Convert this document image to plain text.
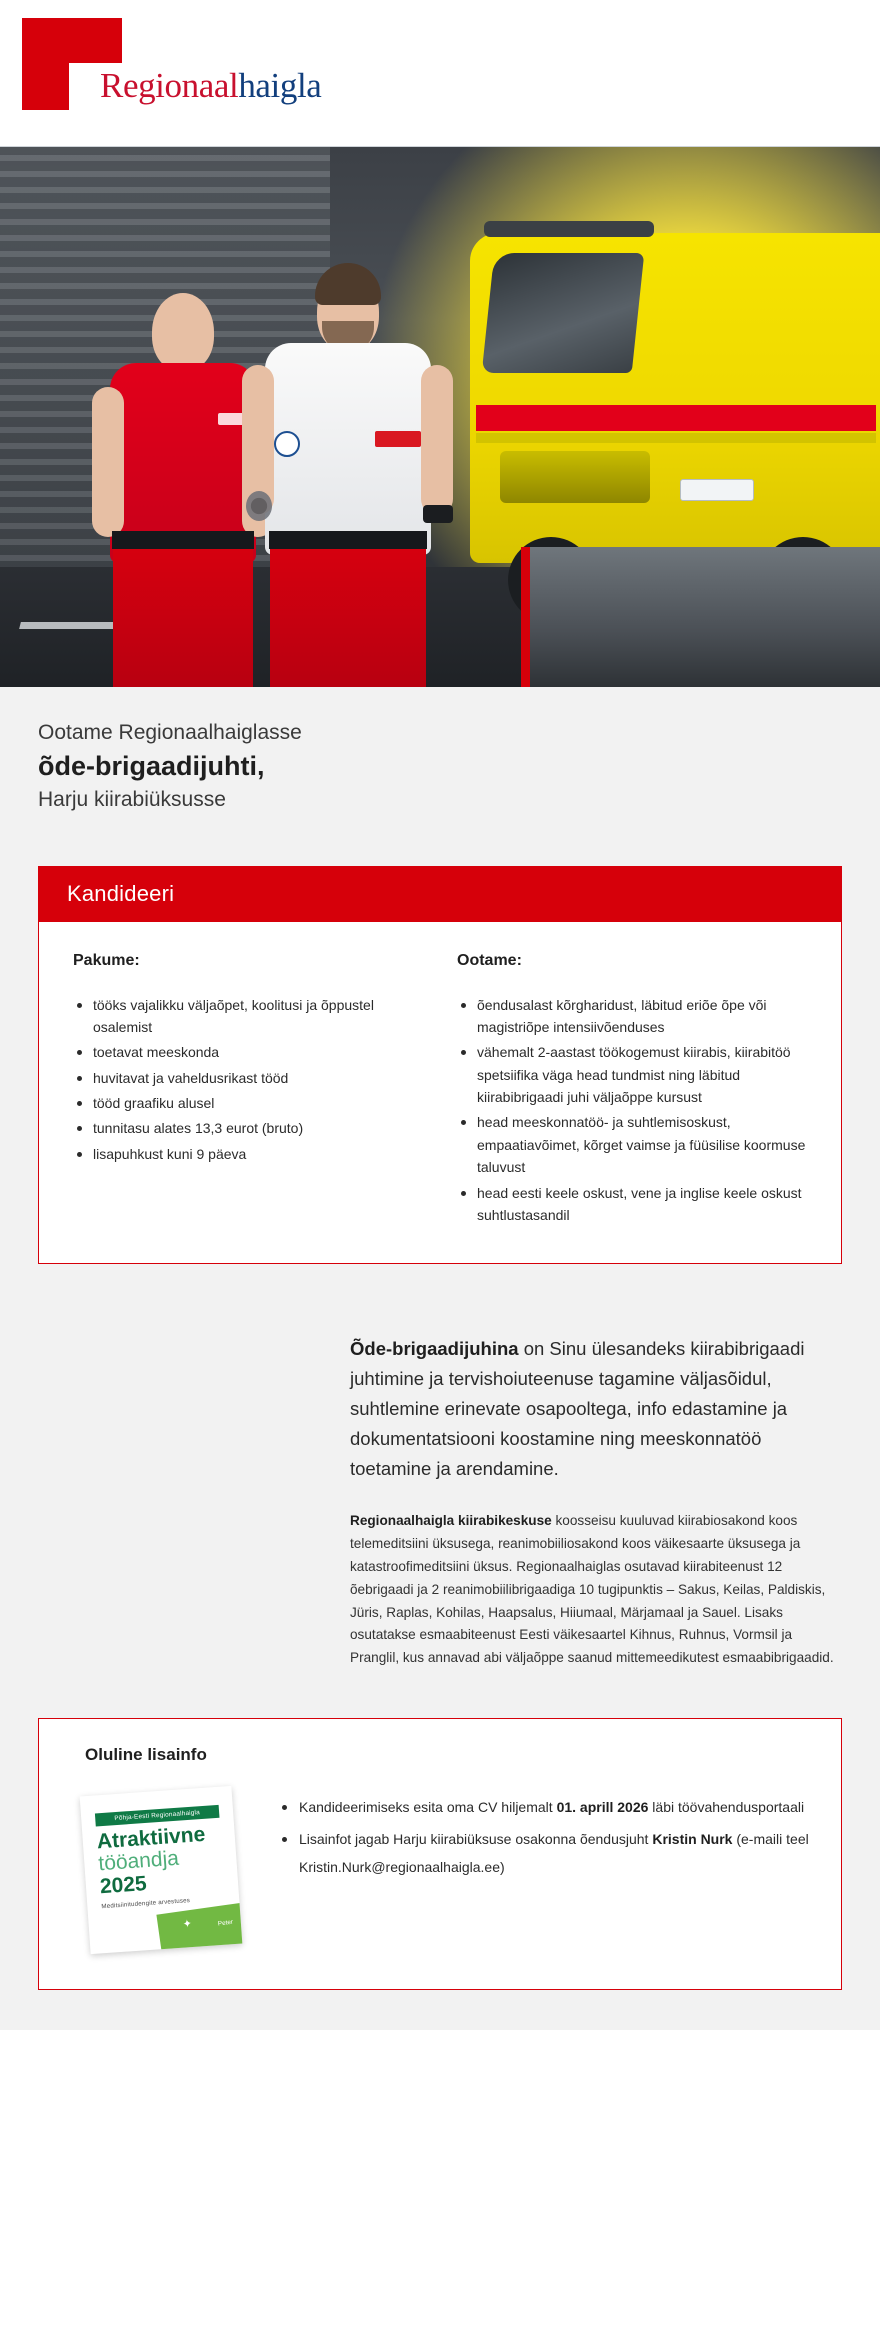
Regionaalhaigla
Ootame Regionaalhaiglasse
õde-brigaadijuhti,
Harju kiirabiüksusse
Kandideeri
Pakume:
tööks vajalikku väljaõpet, koolitusi ja õppustel osalemist
toetavat meeskonda
huvitavat ja vaheldusrikast tööd
tööd graafiku alusel
tunnitasu alates 13,3 eurot (bruto)
lisapuhkust kuni 9 päeva
Ootame:
õendusalast kõrgharidust, läbitud eriõe õpe või magistriõpe intensiivõenduses
vähemalt 2-aastast töökogemust kiirabis, kiirabitöö spetsiifika väga head tundmist ning läbitud kiirabibrigaadi juhi väljaõppe kursust
head meeskonnatöö- ja suhtlemisoskust, empaatiavõimet, kõrget vaimse ja füüsilise koormuse taluvust
head eesti keele oskust, vene ja inglise keele oskust suhtlustasandil

Õde-brigaadijuhina on Sinu ülesandeks kiirabibrigaadi juhtimine ja tervishoiuteenuse tagamine väljasõidul, suhtlemine erinevate osapooltega, info edastamine ja dokumentatsiooni koostamine ning meeskonnatöö toetamine ja arendamine.

Regionaalhaigla kiirabikeskuse koosseisu kuuluvad kiirabiosakond koos telemeditsiini üksusega, reanimobiiliosakond koos väikesaarte üksusega ja katastroofimeditsiini üksus. Regionaalhaiglas osutavad kiirabiteenust 12 õebrigaadi ja 2 reanimobiilibrigaadiga 10 tugipunktis – Sakus, Keilas, Paldiskis, Jüris, Raplas, Kohilas, Haapsalus, Hiiumaal, Märjamaal ja Sauel. Lisaks osutatakse esmaabiteenust Eesti väikesaartel Kihnus, Ruhnus, Vormsil ja Pranglil, kus annavad abi väljaõppe saanud mittemeedikutest esmaabibrigaadid.

Oluline lisainfo
Põhja-Eesti Regionaalhaigla
Atraktiivne
tööandja
2025
Meditsiinitudengite arvestuses
✦	Peter
Kandideerimiseks esita oma CV hiljemalt 01. aprill 2026 läbi töövahendusportaali
Lisainfot jagab Harju kiirabiüksuse osakonna õendusjuht Kristin Nurk (e-maili teel Kristin.Nurk@regionaalhaigla.ee)
